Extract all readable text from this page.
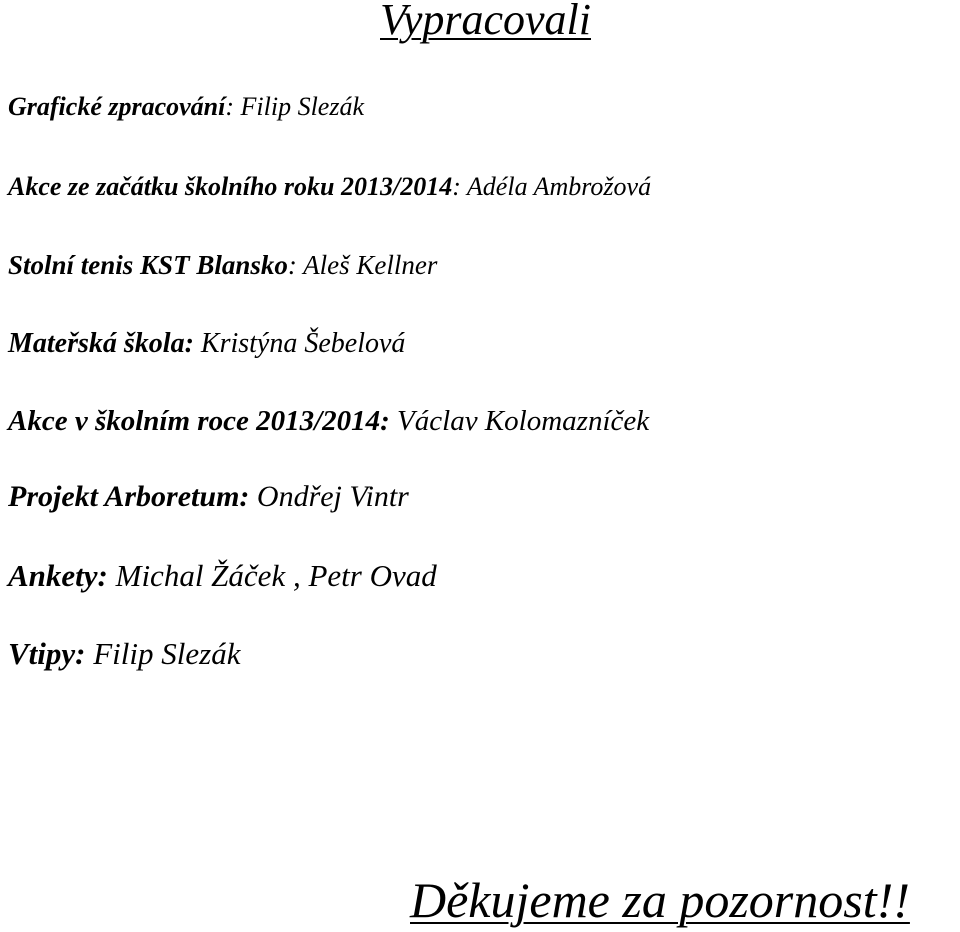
Vypracovali
Grafické zpracování: Filip Slezák
Akce ze začátku školního roku 2013/2014: Adéla Ambrožová
Stolní tenis KST Blansko: Aleš Kellner
Mateřská škola: Kristýna Šebelová
Akce v školním roce 2013/2014: Václav Kolomazníček
Projekt Arboretum: Ondřej Vintr
Ankety: Michal Žáček , Petr Ovad
Vtipy: Filip Slezák
Děkujeme za pozornost!!
